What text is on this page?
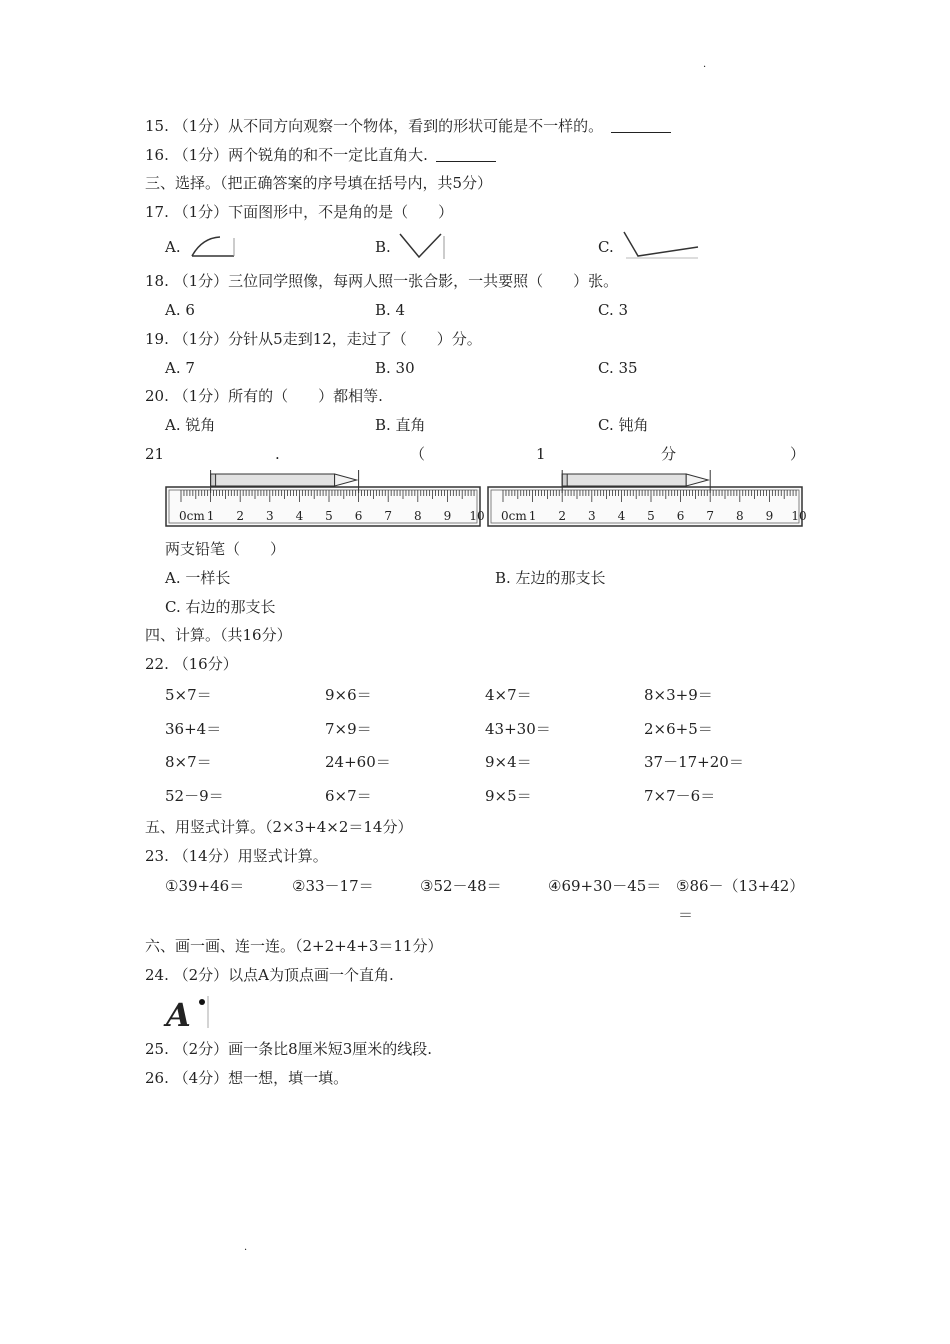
·
15. （1分）从不同方向观察一个物体，看到的形状可能是不一样的。
16. （1分）两个锐角的和不一定比直角大.
三、选择。（把正确答案的序号填在括号内，共5分）
17. （1分）下面图形中，不是角的是（　　）
A.	B.	C.
18. （1分）三位同学照像，每两人照一张合影，一共要照（　　）张。
A. 6	B. 4	C. 3
19. （1分）分针从5走到12，走过了（　　）分。
A. 7	B. 30	C. 35
20. （1分）所有的（　　）都相等.
A. 锐角	B. 直角	C. 钝角
21	.	（	1	分	）
0cm 1 2 3 4 5 6 7 8 9 10 0cm 1 2 3 4 5 6 7 8 9 10
两支铅笔（　　）
A. 一样长	B. 左边的那支长
C. 右边的那支长
四、计算。（共16分）
22. （16分）
5×7＝	9×6＝	4×7＝	8×3+9＝
36+4＝	7×9＝	43+30＝	2×6+5＝
8×7＝	24+60＝	9×4＝	37－17+20＝
52－9＝	6×7＝	9×5＝	7×7－6＝
五、用竖式计算。（2×3+4×2＝14分）
23. （14分）用竖式计算。
①39+46＝	②33－17＝	③52－48＝	④69+30－45＝ ⑤86－（13+42）
＝
六、画一画、连一连。（2+2+4+3＝11分）
24. （2分）以点A为顶点画一个直角.
A
25. （2分）画一条比8厘米短3厘米的线段.
26. （4分）想一想，填一填。
·
